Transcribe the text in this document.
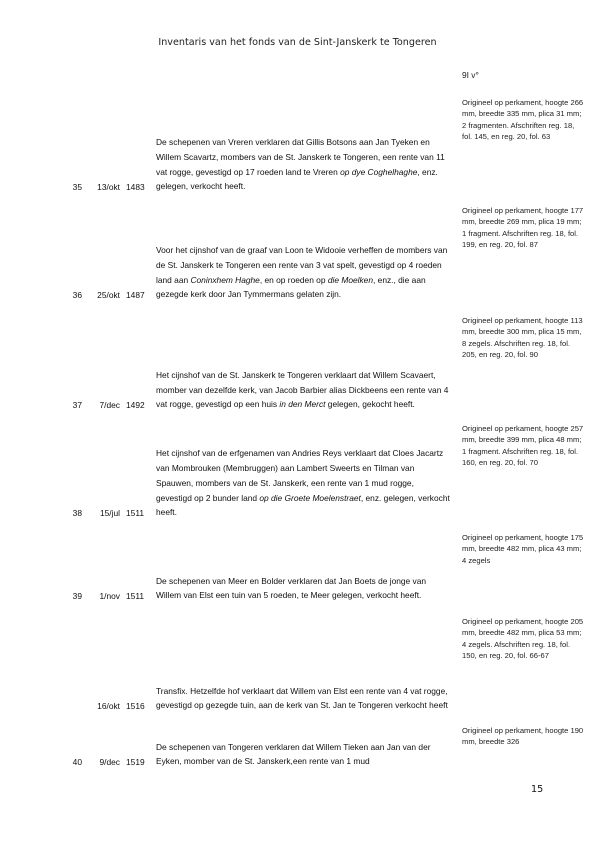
Inventaris van het fonds van de Sint-Janskerk te Tongeren
9I v°
35	13/okt 1483
De schepenen van Vreren verklaren dat Gillis Botsons aan Jan Tyeken en Willem Scavartz, mombers van de St. Janskerk te Tongeren, een rente van 11 vat rogge, gevestigd op 17 roeden land te Vreren op dye Coghelhaghe, enz. gelegen, verkocht heeft.
Origineel op perkament, hoogte 266 mm, breedte 335 mm, plica 31 mm; 2 fragmenten. Afschriften reg. 18, fol. 145, en reg. 20, fol. 63
36	25/okt 1487
Voor het cijnshof van de graaf van Loon te Widooie verheffen de mombers van de St. Janskerk te Tongeren een rente van 3 vat spelt, gevestigd op 4 roeden land aan Coninxhem Haghe, en op roeden op die Moelken, enz., die aan gezegde kerk door Jan Tymmermans gelaten zijn.
Origineel op perkament, hoogte 177 mm, breedte 269 mm, plica 19 mm; 1 fragment. Afschriften reg. 18, fol. 199, en reg. 20, fol. 87
37	7/dec 1492
Het cijnshof van de St. Janskerk te Tongeren verklaart dat Willem Scavaert, momber van dezelfde kerk, van Jacob Barbier alias Dickbeens een rente van 4 vat rogge, gevestigd op een huis in den Merct gelegen, gekocht heeft.
Origineel op perkament, hoogte 113 mm, breedte 300 mm, plica 15 mm, 8 zegels. Afschriften reg. 18, fol. 205, en reg. 20, fol. 90
38	15/jul 1511
Het cijnshof van de erfgenamen van Andries Reys verklaart dat Cloes Jacartz van Mombrouken (Membruggen) aan Lambert Sweerts en Tilman van Spauwen, mombers van de St. Janskerk, een rente van 1 mud rogge, gevestigd op 2 bunder land op die Groete Moelenstraet, enz. gelegen, verkocht heeft.
Origineel op perkament, hoogte 257 mm, breedte 399 mm, plica 48 mm; 1 fragment. Afschriften reg. 18, fol. 160, en reg. 20, fol. 70
39	1/nov 1511
De schepenen van Meer en Bolder verklaren dat Jan Boets de jonge van Willem van Elst een tuin van 5 roeden, te Meer gelegen, verkocht heeft.
Origineel op perkament, hoogte 175 mm, breedte 482 mm, plica 43 mm; 4 zegels
16/okt 1516
Transfix. Hetzelfde hof verklaart dat Willem van Elst een rente van 4 vat rogge, gevestigd op gezegde tuin, aan de kerk van St. Jan te Tongeren verkocht heeft
Origineel op perkament, hoogte 205 mm, breedte 482 mm, plica 53 mm; 4 zegels. Afschriften reg. 18, fol. 150, en reg. 20, fol. 66-67
40	9/dec 1519
De schepenen van Tongeren verklaren dat Willem Tieken aan Jan van der Eyken, momber van de St. Janskerk,een rente van 1 mud
Origineel op perkament, hoogte 190 mm, breedte 326
15
